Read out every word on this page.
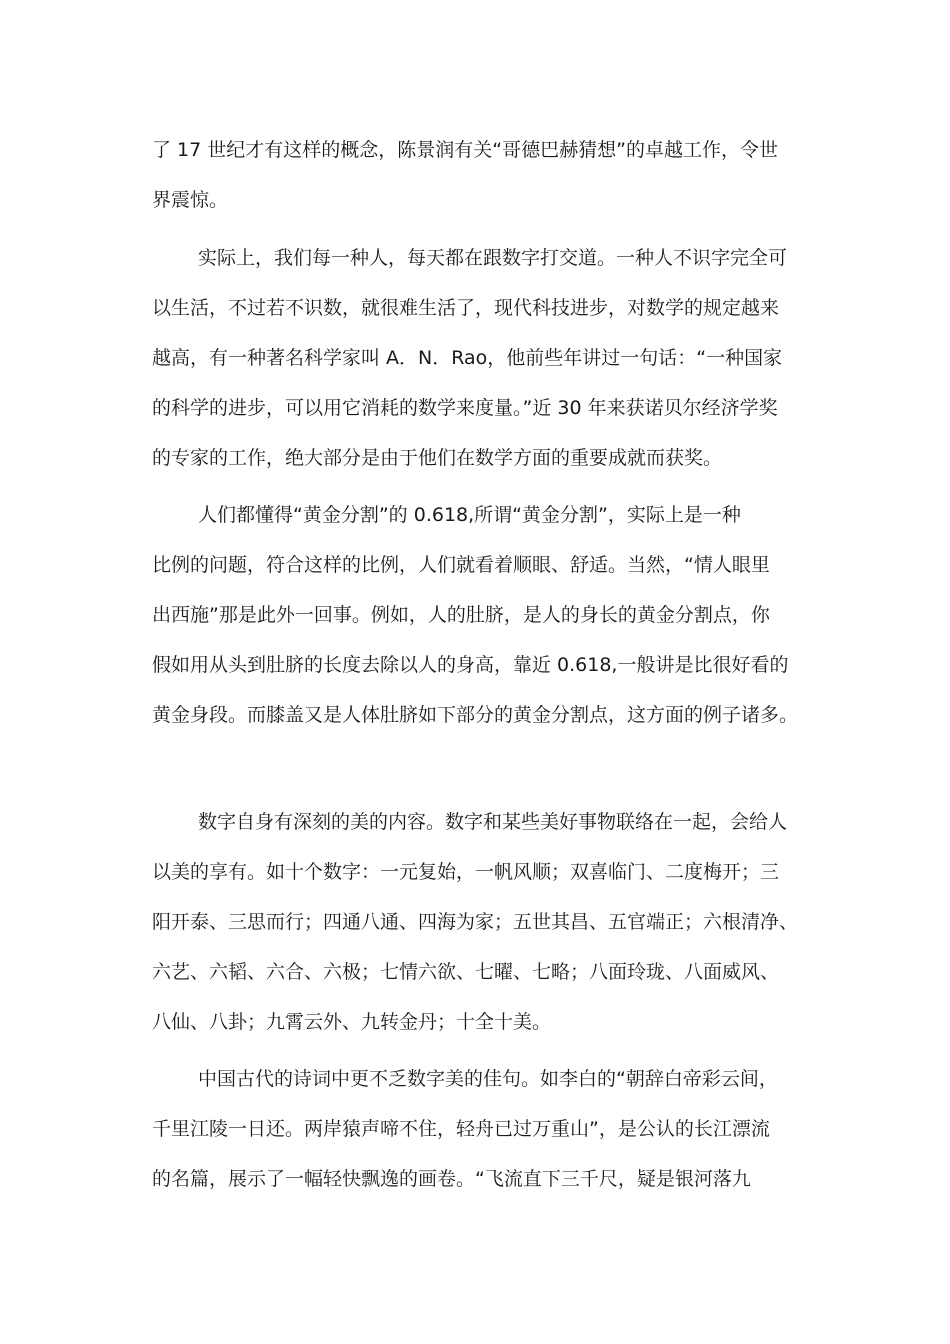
了 17 世纪才有这样的概念，陈景润有关“哥德巴赫猜想”的卓越工作，令世
界震惊。
实际上，我们每一种人，每天都在跟数字打交道。一种人不识字完全可
以生活，不过若不识数，就很难生活了，现代科技进步，对数学的规定越来
越高，有一种著名科学家叫 A．N．Rao，他前些年讲过一句话：“一种国家
的科学的进步，可以用它消耗的数学来度量。”近 30 年来获诺贝尔经济学奖
的专家的工作，绝大部分是由于他们在数学方面的重要成就而获奖。
人们都懂得“黄金分割”的 0.618,所谓“黄金分割”，实际上是一种
比例的问题，符合这样的比例，人们就看着顺眼、舒适。当然，“情人眼里
出西施”那是此外一回事。例如，人的肚脐，是人的身长的黄金分割点，你
假如用从头到肚脐的长度去除以人的身高，靠近 0.618,一般讲是比很好看的
黄金身段。而膝盖又是人体肚脐如下部分的黄金分割点，这方面的例子诸多。
数字自身有深刻的美的内容。数字和某些美好事物联络在一起，会给人
以美的享有。如十个数字：一元复始，一帆风顺；双喜临门、二度梅开；三
阳开泰、三思而行；四通八通、四海为家；五世其昌、五官端正；六根清净、
六艺、六韬、六合、六极；七情六欲、七曜、七略；八面玲珑、八面威风、
八仙、八卦；九霄云外、九转金丹；十全十美。
中国古代的诗词中更不乏数字美的佳句。如李白的“朝辞白帝彩云间，
千里江陵一日还。两岸猿声啼不住，轻舟已过万重山”，是公认的长江漂流
的名篇，展示了一幅轻快飘逸的画卷。“飞流直下三千尺，疑是银河落九
